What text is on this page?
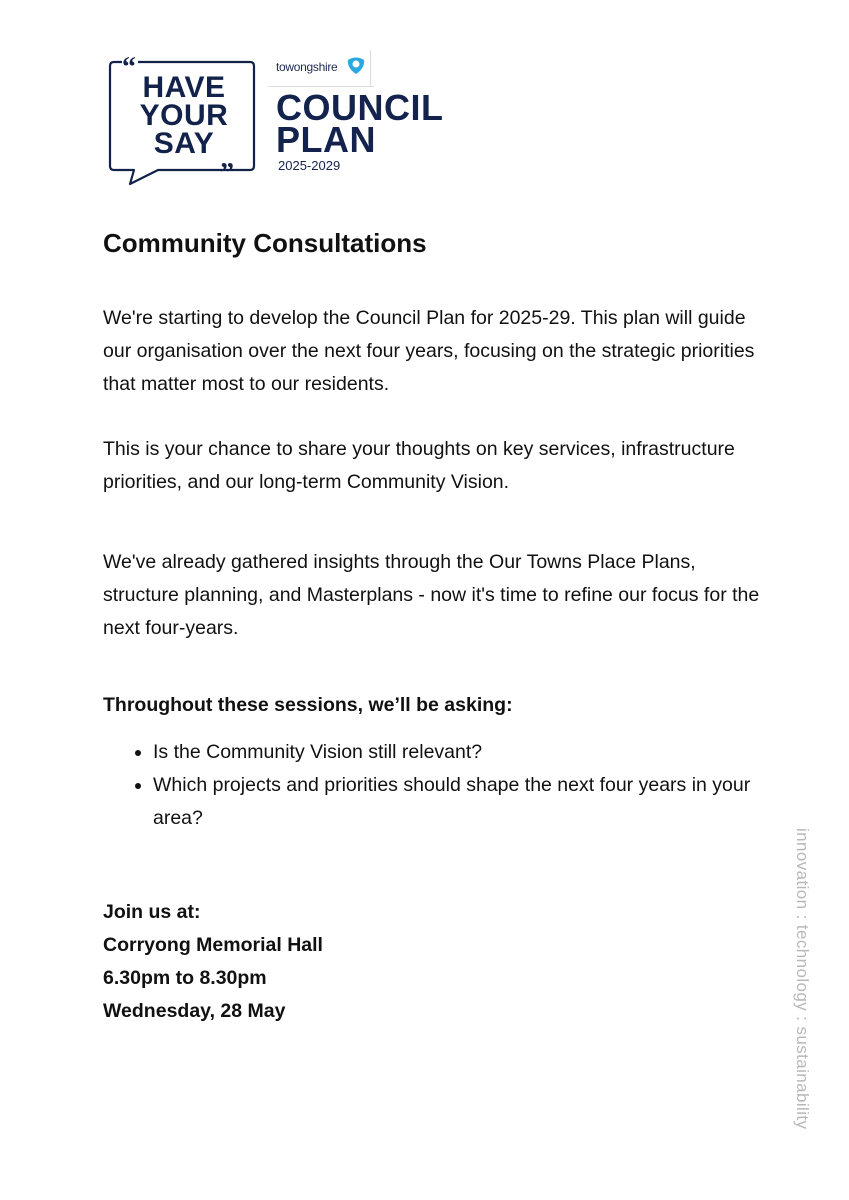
“
”
HAVE
YOUR
SAY
towongshire
COUNCIL
PLAN
2025-2029
Community Consultations

We're starting to develop the Council Plan for 2025-29. This plan will guide our organisation over the next four years, focusing on the strategic priorities that matter most to our residents.

This is your chance to share your thoughts on key services, infrastructure priorities, and our long-term Community Vision.

We've already gathered insights through the Our Towns Place Plans, structure planning, and Masterplans - now it's time to refine our focus for the next four-years.

Throughout these sessions, we’ll be asking:

• Is the Community Vision still relevant?
• Which projects and priorities should shape the next four years in your area?
Join us at:
Corryong Memorial Hall
6.30pm to 8.30pm
Wednesday, 28 May	innovation : technology : sustainability
